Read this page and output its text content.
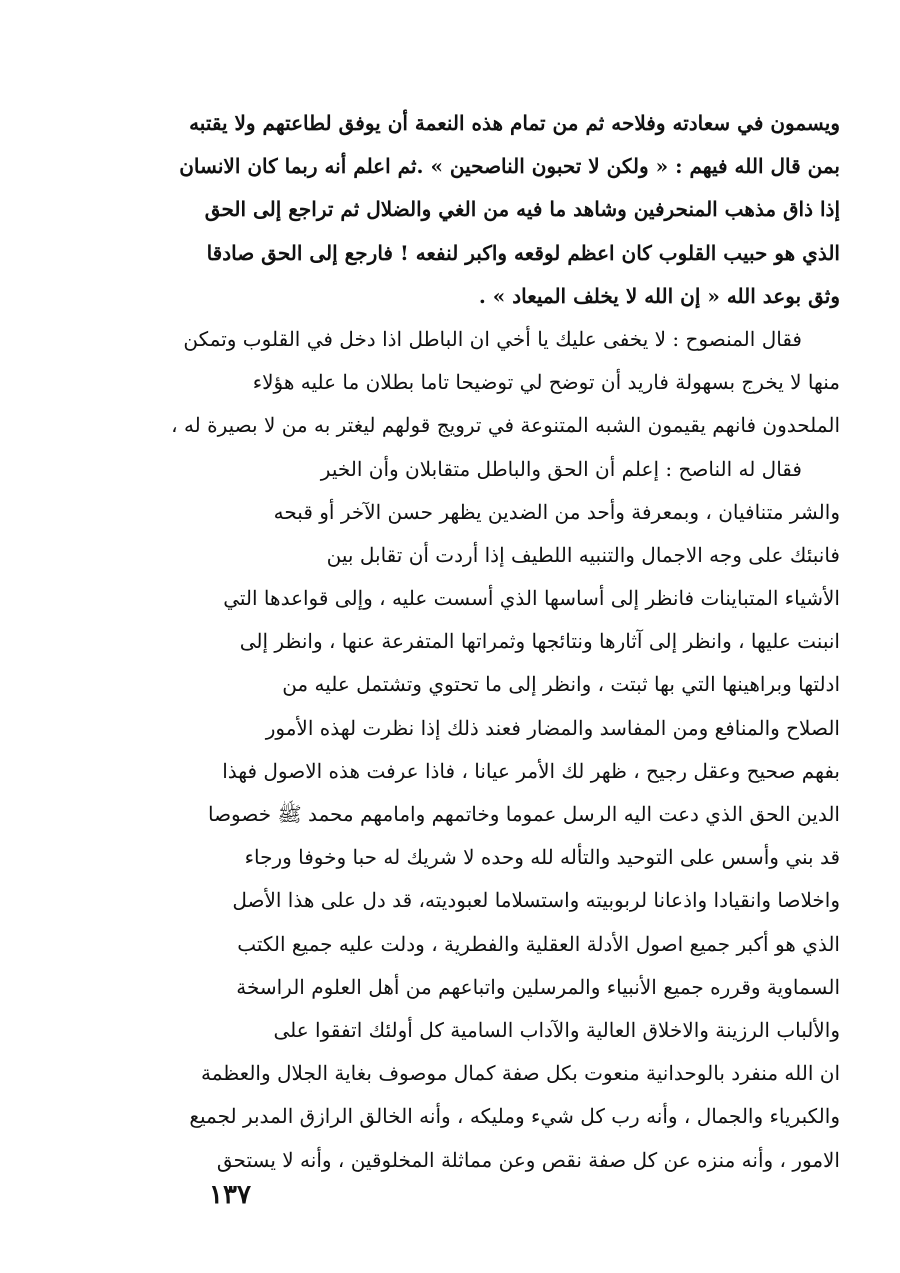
ويسمون في سعادته وفلاحه ثم من تمام هذه النعمة أن يوفق لطاعتهم ولا يقتبه
بمن قال الله فيهم : « ولكن لا تحبون الناصحين » .ثم اعلم أنه ربما كان الانسان
إذا ذاق مذهب المنحرفين وشاهد ما فيه من الغي والضلال ثم تراجع إلى الحق
الذي هو حبيب القلوب كان اعظم لوقعه واكبر لنفعه ! فارجع إلى الحق صادقا
وثق بوعد الله « إن الله لا يخلف الميعاد » .
فقال المنصوح : لا يخفى عليك يا أخي ان الباطل اذا دخل في القلوب وتمكن
منها لا يخرج بسهولة فاريد أن توضح لي توضيحا تاما بطلان ما عليه هؤلاء
الملحدون فانهم يقيمون الشبه المتنوعة في ترويج قولهم ليغتر به من لا بصيرة له ،
فقال له الناصح : إعلم أن الحق والباطل متقابلان وأن الخير
والشر متنافيان ، وبمعرفة وأحد من الضدين يظهر حسن الآخر أو قبحه
فانبئك على وجه الاجمال والتنبيه اللطيف إذا أردت أن تقابل بين
الأشياء المتباينات فانظر إلى أساسها الذي أسست عليه ، وإلى قواعدها التي
انبنت عليها ، وانظر إلى آثارها ونتائجها وثمراتها المتفرعة عنها ، وانظر إلى
ادلتها وبراهينها التي بها ثبتت ، وانظر إلى ما تحتوي وتشتمل عليه من
الصلاح والمنافع ومن المفاسد والمضار فعند ذلك إذا نظرت لهذه الأمور
بفهم صحيح وعقل رجيح ، ظهر لك الأمر عيانا ، فاذا عرفت هذه الاصول فهذا
الدين الحق الذي دعت اليه الرسل عموما وخاتمهم وامامهم محمد ﷺ خصوصا
قد بني وأسس على التوحيد والتأله لله وحده لا شريك له حبا وخوفا ورجاء
واخلاصا وانقيادا واذعانا لربوبيته واستسلاما لعبوديته، قد دل على هذا الأصل
الذي هو أكبر جميع اصول الأدلة العقلية والفطرية ، ودلت عليه جميع الكتب
السماوية وقرره جميع الأنبياء والمرسلين واتباعهم من أهل العلوم الراسخة
والألباب الرزينة والاخلاق العالية والآداب السامية كل أولئك اتفقوا على
ان الله منفرد بالوحدانية منعوت بكل صفة كمال موصوف بغاية الجلال والعظمة
والكبرياء والجمال ، وأنه رب كل شيء ومليكه ، وأنه الخالق الرازق المدبر لجميع
الامور ، وأنه منزه عن كل صفة نقص وعن مماثلة المخلوقين ، وأنه لا يستحق
١٣٧
